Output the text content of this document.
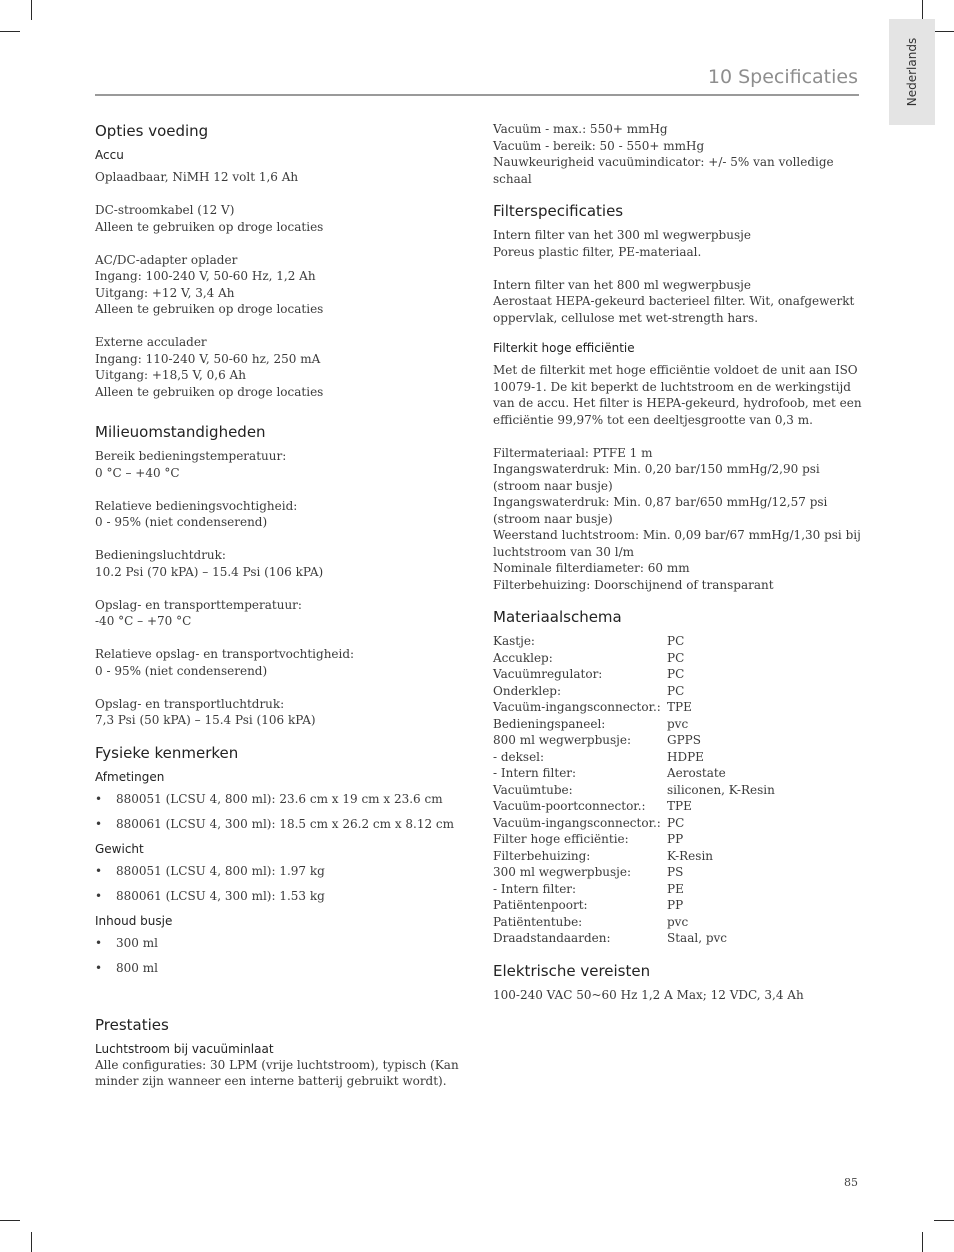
Nederlands
10 Specificaties
Opties voeding
Accu

Oplaadbaar, NiMH 12 volt 1,6 Ah

DC-stroomkabel (12 V)
Alleen te gebruiken op droge locaties

AC/DC-adapter oplader
Ingang: 100-240 V, 50-60 Hz, 1,2 Ah
Uitgang: +12 V, 3,4 Ah
Alleen te gebruiken op droge locaties

Externe acculader
Ingang: 110-240 V, 50-60 hz, 250 mA
Uitgang: +18,5 V, 0,6 Ah
Alleen te gebruiken op droge locaties

Milieuomstandigheden

Bereik bedieningstemperatuur:
0 °C – +40 °C

Relatieve bedieningsvochtigheid:
0 - 95% (niet condenserend)

Bedieningsluchtdruk:
10.2 Psi (70 kPA) – 15.4 Psi (106 kPA)

Opslag- en transporttemperatuur:
-40 °C – +70 °C

Relatieve opslag- en transportvochtigheid:
0 - 95% (niet condenserend)

Opslag- en transportluchtdruk:
7,3 Psi (50 kPA) – 15.4 Psi (106 kPA)

Fysieke kenmerken
Afmetingen
• 880051 (LCSU 4, 800 ml): 23.6 cm x 19 cm x 23.6 cm
• 880061 (LCSU 4, 300 ml): 18.5 cm x 26.2 cm x 8.12 cm
Gewicht
• 880051 (LCSU 4, 800 ml): 1.97 kg
• 880061 (LCSU 4, 300 ml): 1.53 kg
Inhoud busje
• 300 ml
• 800 ml
Prestaties
Luchtstroom bij vacuüminlaat

Alle configuraties: 30 LPM (vrije luchtstroom), typisch (Kan minder zijn wanneer een interne batterij gebruikt wordt).

Vacuüm - max.: 550+ mmHg
Vacuüm - bereik: 50 - 550+ mmHg
Nauwkeurigheid vacuümindicator: +/- 5% van volledige schaal

Filterspecificaties

Intern filter van het 300 ml wegwerpbusje
Poreus plastic filter, PE-materiaal.

Intern filter van het 800 ml wegwerpbusje
Aerostaat HEPA-gekeurd bacterieel filter. Wit, onafgewerkt oppervlak, cellulose met wet-strength hars.

Filterkit hoge efficiëntie

Met de filterkit met hoge efficiëntie voldoet de unit aan ISO 10079-1. De kit beperkt de luchtstroom en de werkingstijd van de accu. Het filter is HEPA-gekeurd, hydrofoob, met een efficiëntie 99,97% tot een deeltjesgrootte van 0,3 m.

Filtermateriaal: PTFE 1 m
Ingangswaterdruk: Min. 0,20 bar/150 mmHg/2,90 psi (stroom naar busje)
Ingangswaterdruk: Min. 0,87 bar/650 mmHg/12,57 psi (stroom naar busje)
Weerstand luchtstroom: Min. 0,09 bar/67 mmHg/1,30 psi bij luchtstroom van 30 l/m
Nominale filterdiameter: 60 mm
Filterbehuizing: Doorschijnend of transparant

Materiaalschema
Kastje:	PC
Accuklep:	PC
Vacuümregulator:	PC
Onderklep:	PC
Vacuüm-ingangsconnector.:	TPE
Bedieningspaneel:	pvc
800 ml wegwerpbusje:	GPPS
- deksel:	HDPE
- Intern filter:	Aerostate
Vacuümtube:	siliconen, K-Resin
Vacuüm-poortconnector.:	TPE
Vacuüm-ingangsconnector.:	PC
Filter hoge efficiëntie:	PP
Filterbehuizing:	K-Resin
300 ml wegwerpbusje:	PS
- Intern filter:	PE
Patiëntenpoort:	PP
Patiëntentube:	pvc
Draadstandaarden:	Staal, pvc
Elektrische vereisten

100-240 VAC 50~60 Hz 1,2 A Max; 12 VDC, 3,4 Ah

85
